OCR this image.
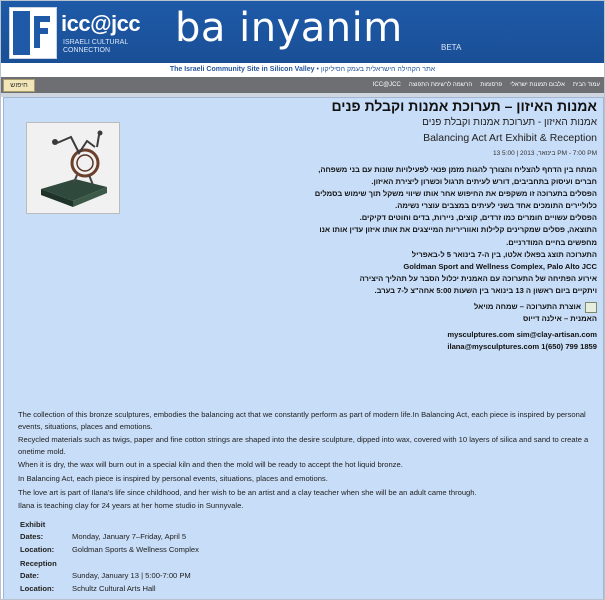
icc@jcc
ISRAELI CULTURAL
CONNECTION	ba inyanim	BETA
The Israeli Community Site in Silicon Valley • אתר הקהילה הישראלית בעמק הסיליקון
חיפוש	עמוד הבית
אלבום תמונות ישראלי
פרסומות
הרשמה לרשימת התפוצה
ICC@JCC
אמנות האיזון – תערוכת אמנות וקבלת פנים
אמנות האיזון - תערוכת אמנות וקבלת פנים
Balancing Act Art Exhibit & Reception
13 בינואר, 2013 | 5:00 PM - 7:00 PM

המתח בין הדחף להצליח והצורך להגות מזמן פנאי לפעילויות שונות עם בני משפחה,

חברים ועיסוק בתחביבים, דורש לעיתים תרגול וכשרון ליצירת האיזון.

הפסלים בתערוכה זו משקפים את החיפוש אחר אותו שיווי משקל תוך שימוש בסמלים

כלוליירים התומכים אחד בשני לעיתים במצבים עוצרי נשימה.

הפסלים עשויים חומרים כמו זרדים, קוצים, ניירות, בדים וחוטים דקיקים.

התוצאה, פסלים שמקרינים קלילות ואווריריות המייצגים את אותו איזון עדין אותו אנו

מחפשים בחיים המודרניים.

התערוכה תוצג בפאלו אלטו, בין ה-7 בינואר 5 ל-באפריל

Goldman Sport and Wellness Complex, Palo Alto JCC

אירוע הפתיחה של התערוכה עם האמנית יכלול הסבר על תהליך היצירה

ויתקיים ביום ראשון ה 13 בינואר בין השעות 5:00 אחה"צ ל-7 בערב.

אוצרת התערוכה – שמחה מויאל

האמנית – אילנה דייוס

mysculptures.com sim@clay-artisan.com

ilana@mysculptures.com 1(650) 799 1859

The collection of this bronze sculptures, embodies the balancing act that we constantly perform as part of modern life.In Balancing Act, each piece is inspired by personal events, situations, places and emotions.

Recycled materials such as twigs, paper and fine cotton strings are shaped into the desire sculpture, dipped into wax, covered with 10 layers of silica and sand to create a onetime mold.

When it is dry, the wax will burn out in a special kiln and then the mold will be ready to accept the hot liquid bronze.

In Balancing Act, each piece is inspired by personal events, situations, places and emotions.

The love art is part of Ilana's life since childhood, and her wish to be an artist and a clay teacher when she will be an adult came through.

Ilana is teaching clay for 24 years at her home studio in Sunnyvale.

Exhibit
Dates:	Monday, January 7–Friday, April 5
Location: Goldman Sports & Wellness Complex
Reception
Date:	Sunday, January 13 | 5:00-7:00 PM
Location: Schultz Cultural Arts Hall
